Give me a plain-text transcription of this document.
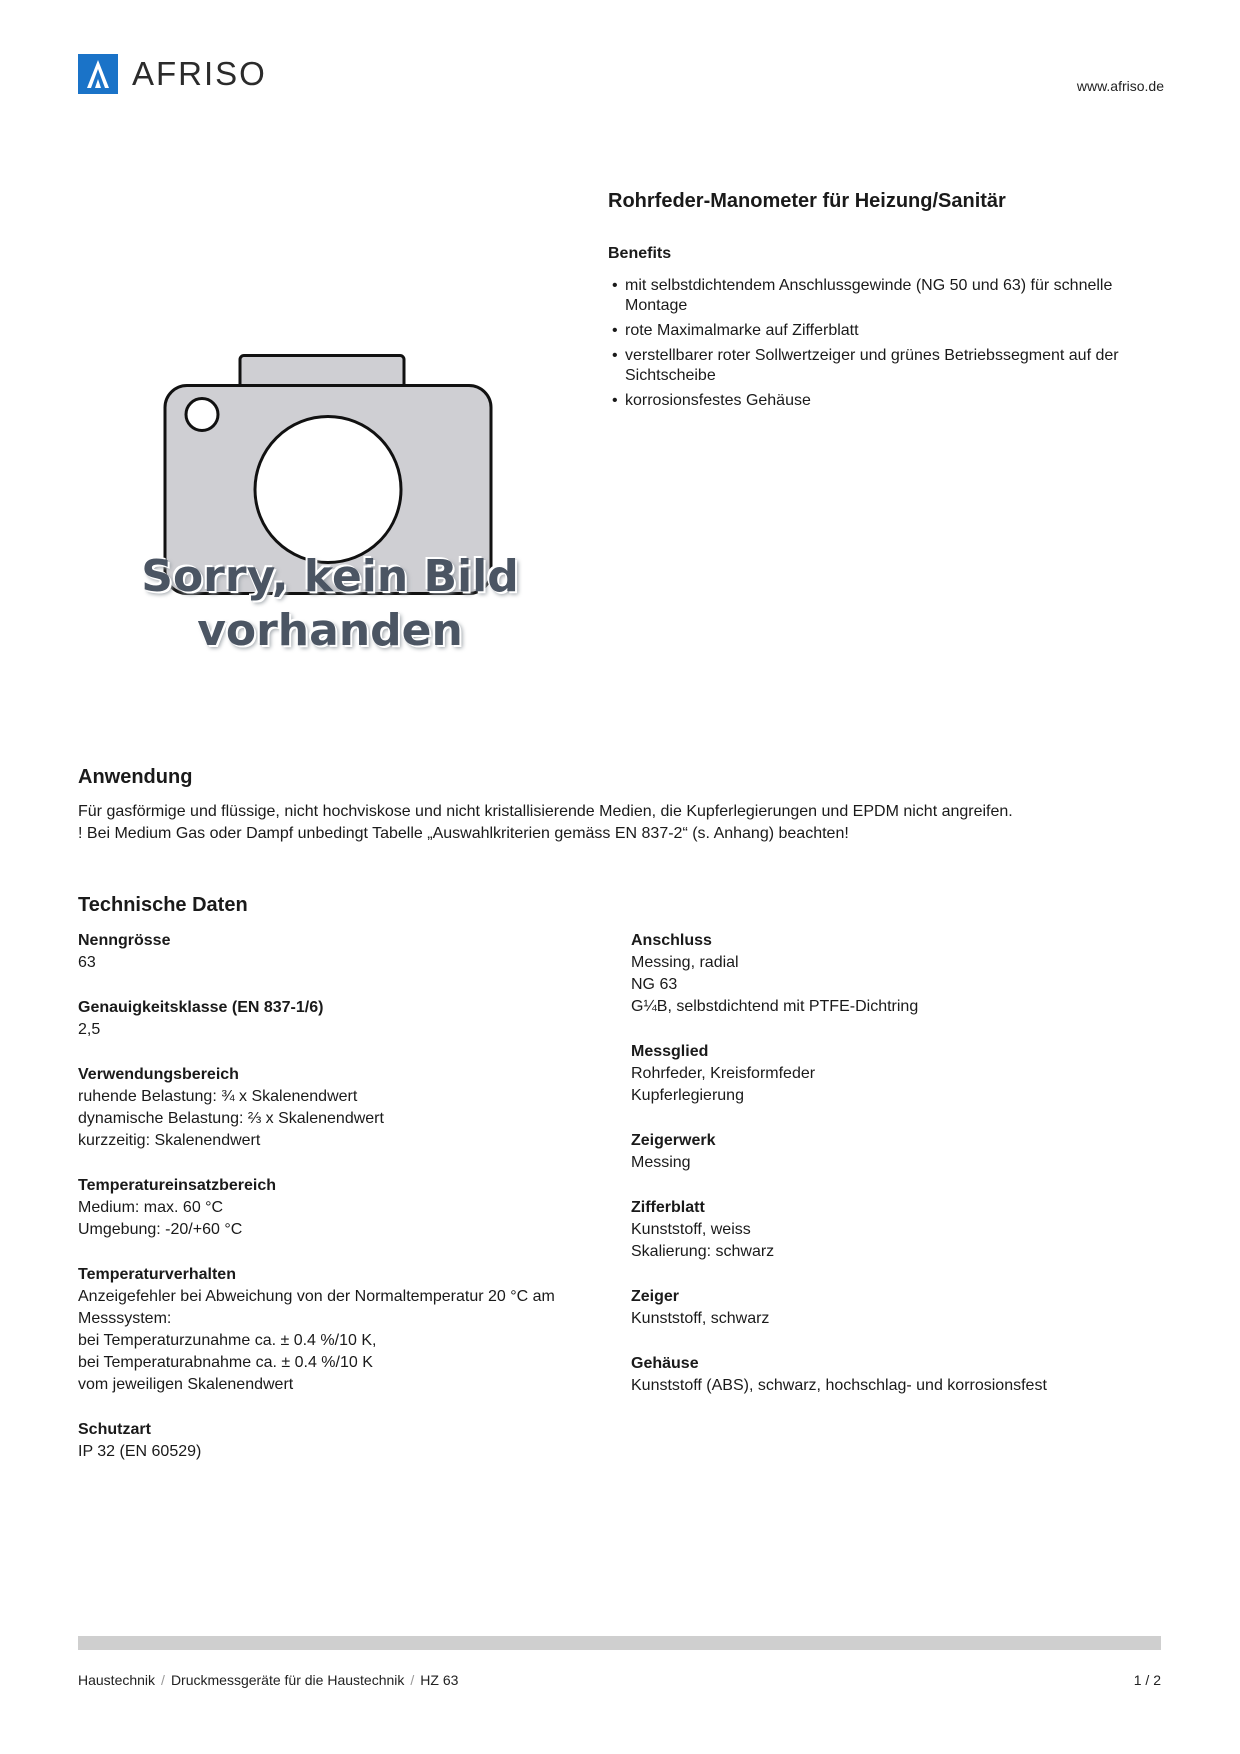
AFRISO	www.afriso.de
Sorry, kein Bild
vorhanden
Rohrfeder-Manometer für Heizung/Sanitär
Benefits
• mit selbstdichtendem Anschlussgewinde (NG 50 und 63) für schnelle Montage
• rote Maximalmarke auf Zifferblatt
• verstellbarer roter Sollwertzeiger und grünes Betriebssegment auf der Sichtscheibe
• korrosionsfestes Gehäuse
Anwendung
Für gasförmige und flüssige, nicht hochviskose und nicht kristallisierende Medien, die Kupferlegierungen und EPDM nicht angreifen.
! Bei Medium Gas oder Dampf unbedingt Tabelle „Auswahlkriterien gemäss EN 837-2“ (s. Anhang) beachten!
Technische Daten
Nenngrösse
63
Genauigkeitsklasse (EN 837-1/6)
2,5
Verwendungsbereich
ruhende Belastung: ¾ x Skalenendwert
dynamische Belastung: ⅔ x Skalenendwert
kurzzeitig: Skalenendwert
Temperatureinsatzbereich
Medium: max. 60 °C
Umgebung: -20/+60 °C
Temperaturverhalten
Anzeigefehler bei Abweichung von der Normaltemperatur 20 °C am
Messsystem:
bei Temperaturzunahme ca. ± 0.4 %/10 K,
bei Temperaturabnahme ca. ± 0.4 %/10 K
vom jeweiligen Skalenendwert
Schutzart
IP 32 (EN 60529)
Anschluss
Messing, radial
NG 63
G¼B, selbstdichtend mit PTFE-Dichtring
Messglied
Rohrfeder, Kreisformfeder
Kupferlegierung
Zeigerwerk
Messing
Zifferblatt
Kunststoff, weiss
Skalierung: schwarz
Zeiger
Kunststoff, schwarz
Gehäuse
Kunststoff (ABS), schwarz, hochschlag- und korrosionsfest
Haustechnik / Druckmessgeräte für die Haustechnik / HZ 63	1 / 2
